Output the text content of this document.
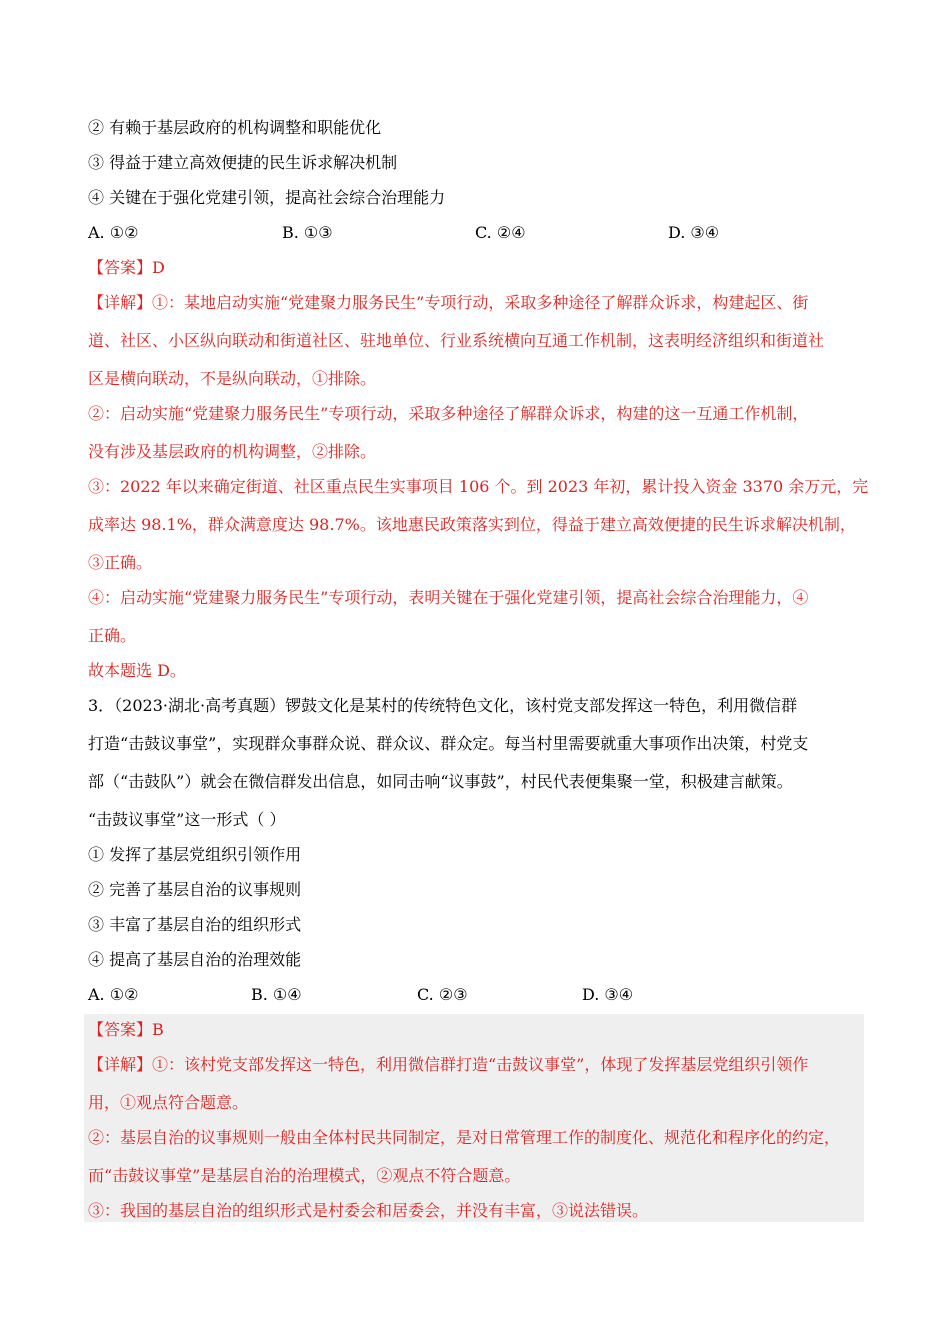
② 有赖于基层政府的机构调整和职能优化
③ 得益于建立高效便捷的民生诉求解决机制
④ 关键在于强化党建引领，提高社会综合治理能力
A. ①②	B. ①③	C. ②④	D. ③④
【答案】D
【详解】①：某地启动实施“党建聚力服务民生”专项行动，采取多种途径了解群众诉求，构建起区、街
道、社区、小区纵向联动和街道社区、驻地单位、行业系统横向互通工作机制，这表明经济组织和街道社
区是横向联动，不是纵向联动，①排除。
②：启动实施“党建聚力服务民生”专项行动，采取多种途径了解群众诉求，构建的这一互通工作机制，
没有涉及基层政府的机构调整，②排除。
③：2022 年以来确定街道、社区重点民生实事项目 106 个。到 2023 年初，累计投入资金 3370 余万元，完
成率达 98.1%，群众满意度达 98.7%。该地惠民政策落实到位，得益于建立高效便捷的民生诉求解决机制，
③正确。
④：启动实施“党建聚力服务民生”专项行动，表明关键在于强化党建引领，提高社会综合治理能力，④
正确。
故本题选 D。
3．（2023·湖北·高考真题）锣鼓文化是某村的传统特色文化，该村党支部发挥这一特色，利用微信群
打造“击鼓议事堂”，实现群众事群众说、群众议、群众定。每当村里需要就重大事项作出决策，村党支
部（“击鼓队”）就会在微信群发出信息，如同击响“议事鼓”，村民代表便集聚一堂，积极建言献策。
“击鼓议事堂”这一形式（ ）
① 发挥了基层党组织引领作用
② 完善了基层自治的议事规则
③ 丰富了基层自治的组织形式
④ 提高了基层自治的治理效能
A. ①②	B. ①④	C. ②③	D. ③④
【答案】B
【详解】①：该村党支部发挥这一特色，利用微信群打造“击鼓议事堂”，体现了发挥基层党组织引领作
用，①观点符合题意。
②：基层自治的议事规则一般由全体村民共同制定，是对日常管理工作的制度化、规范化和程序化的约定，
而“击鼓议事堂”是基层自治的治理模式，②观点不符合题意。
③：我国的基层自治的组织形式是村委会和居委会，并没有丰富，③说法错误。
